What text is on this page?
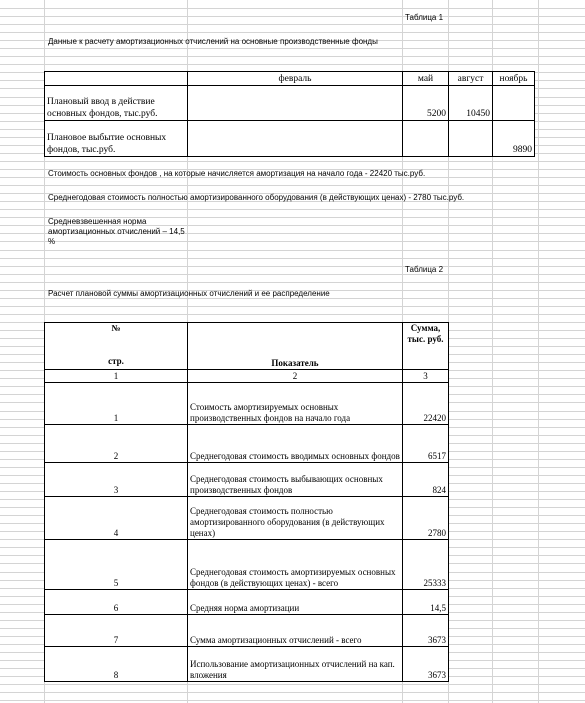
Таблица 1
Данные к расчету амортизационных отчислений на основные производственные фонды
	февраль	май	август	ноябрь
Плановый ввод в действие основных фондов, тыс.руб.		5200	10450	
Плановое выбытие основных фондов, тыс.руб.				9890
Стоимость основных фондов , на которые начисляется амортизация на начало года - 22420 тыс.руб.
Среднегодовая стоимость полностью амортизированного оборудования (в действующих ценах) - 2780 тыс.руб.
Средневзвешенная норма амортизационных отчислений – 14,5 %
Таблица 2
Расчет плановой суммы амортизационных отчислений и ее распределение
№
стр.	Показатель	Сумма, тыс. руб.
1	2	3
1	Стоимость амортизируемых основных производственных фондов на начало года	22420
2	Среднегодовая стоимость вводимых основных фондов	6517
3	Среднегодовая стоимость выбывающих основных производственных фондов	824
4	Среднегодовая стоимость полностью амортизированного оборудования (в действующих ценах)	2780
5	Среднегодовая стоимость амортизируемых основных фондов (в действующих ценах) - всего	25333
6	Средняя норма амортизации	14,5
7	Сумма амортизационных отчислений - всего	3673
8	Использование амортизационных отчислений на кап. вложения	3673
